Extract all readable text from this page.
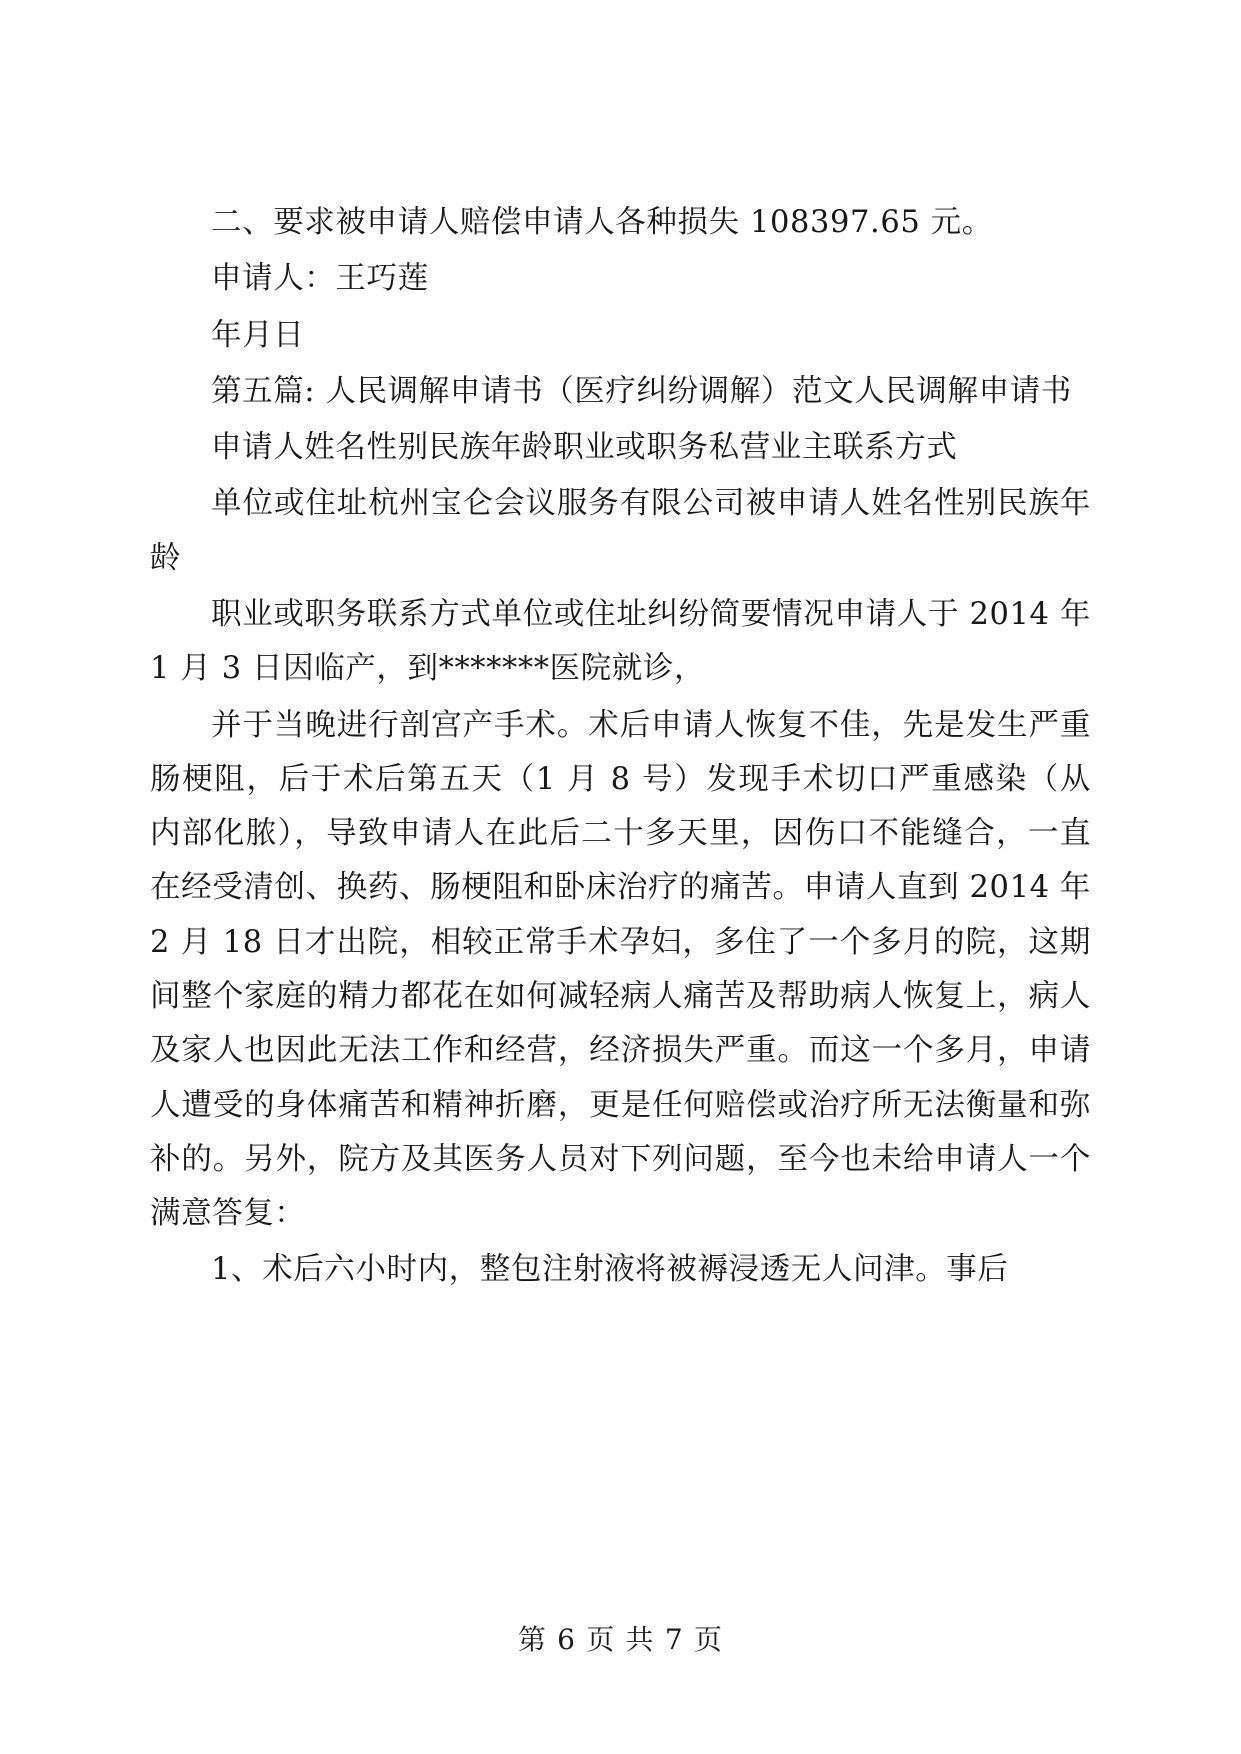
二、要求被申请人赔偿申请人各种损失 108397.65 元。

申请人：王巧莲

年月日

第五篇: 人民调解申请书（医疗纠纷调解）范文人民调解申请书

申请人姓名性别民族年龄职业或职务私营业主联系方式

单位或住址杭州宝仑会议服务有限公司被申请人姓名性别民族年龄

职业或职务联系方式单位或住址纠纷简要情况申请人于 2014 年 1 月 3 日因临产，到*******医院就诊，

并于当晚进行剖宫产手术。术后申请人恢复不佳，先是发生严重肠梗阻，后于术后第五天（1 月 8 号）发现手术切口严重感染（从内部化脓），导致申请人在此后二十多天里，因伤口不能缝合，一直在经受清创、换药、肠梗阻和卧床治疗的痛苦。申请人直到 2014 年 2 月 18 日才出院，相较正常手术孕妇，多住了一个多月的院，这期间整个家庭的精力都花在如何减轻病人痛苦及帮助病人恢复上，病人及家人也因此无法工作和经营，经济损失严重。而这一个多月，申请人遭受的身体痛苦和精神折磨，更是任何赔偿或治疗所无法衡量和弥补的。另外，院方及其医务人员对下列问题，至今也未给申请人一个满意答复：

1、术后六小时内，整包注射液将被褥浸透无人问津。事后

第 6 页 共 7 页
